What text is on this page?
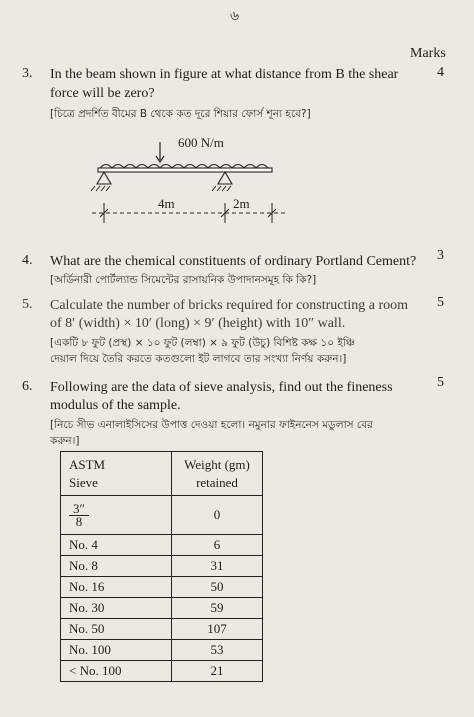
৬
Marks
3. In the beam shown in figure at what distance from B the shear
force will be zero?
[চিত্রে প্রদর্শিত বীমের B থেকে কত দূরে শিয়ার ফোর্স শূন্য হবে?]
4
600 N/m
4m	2m
4. What are the chemical constituents of ordinary Portland Cement?
[অর্ডিনারী পোর্টল্যান্ড সিমেন্টের রাসায়নিক উপাদানসমূহ কি কি?]
3
5. Calculate the number of bricks required for constructing a room
of 8′ (width) × 10′ (long) × 9′ (height) with 10″ wall.
[একটি ৮ ফুট (প্রস্থ) × ১০ ফুট (লম্বা) × ৯ ফুট (উচু) বিশিষ্ট কক্ষ ১০ ইঞ্চি
দেয়াল দিয়ে তৈরি করতে কতগুলো ইট লাগবে তার সংখ্যা নির্ণয় করুন।]
5
6. Following are the data of sieve analysis, find out the fineness
modulus of the sample.
[নিচে সীভ এনালাইসিসের উপাত্ত দেওয়া হলো। নমুনার ফাইননেস মডুলাস বের
করুন।]
5
ASTM
Sieve	Weight (gm)
retained

$\frac{3''}{8}$	0
No. 4	6
No. 8	31
No. 16	50
No. 30	59
No. 50	107
No. 100	53
< No. 100	21
